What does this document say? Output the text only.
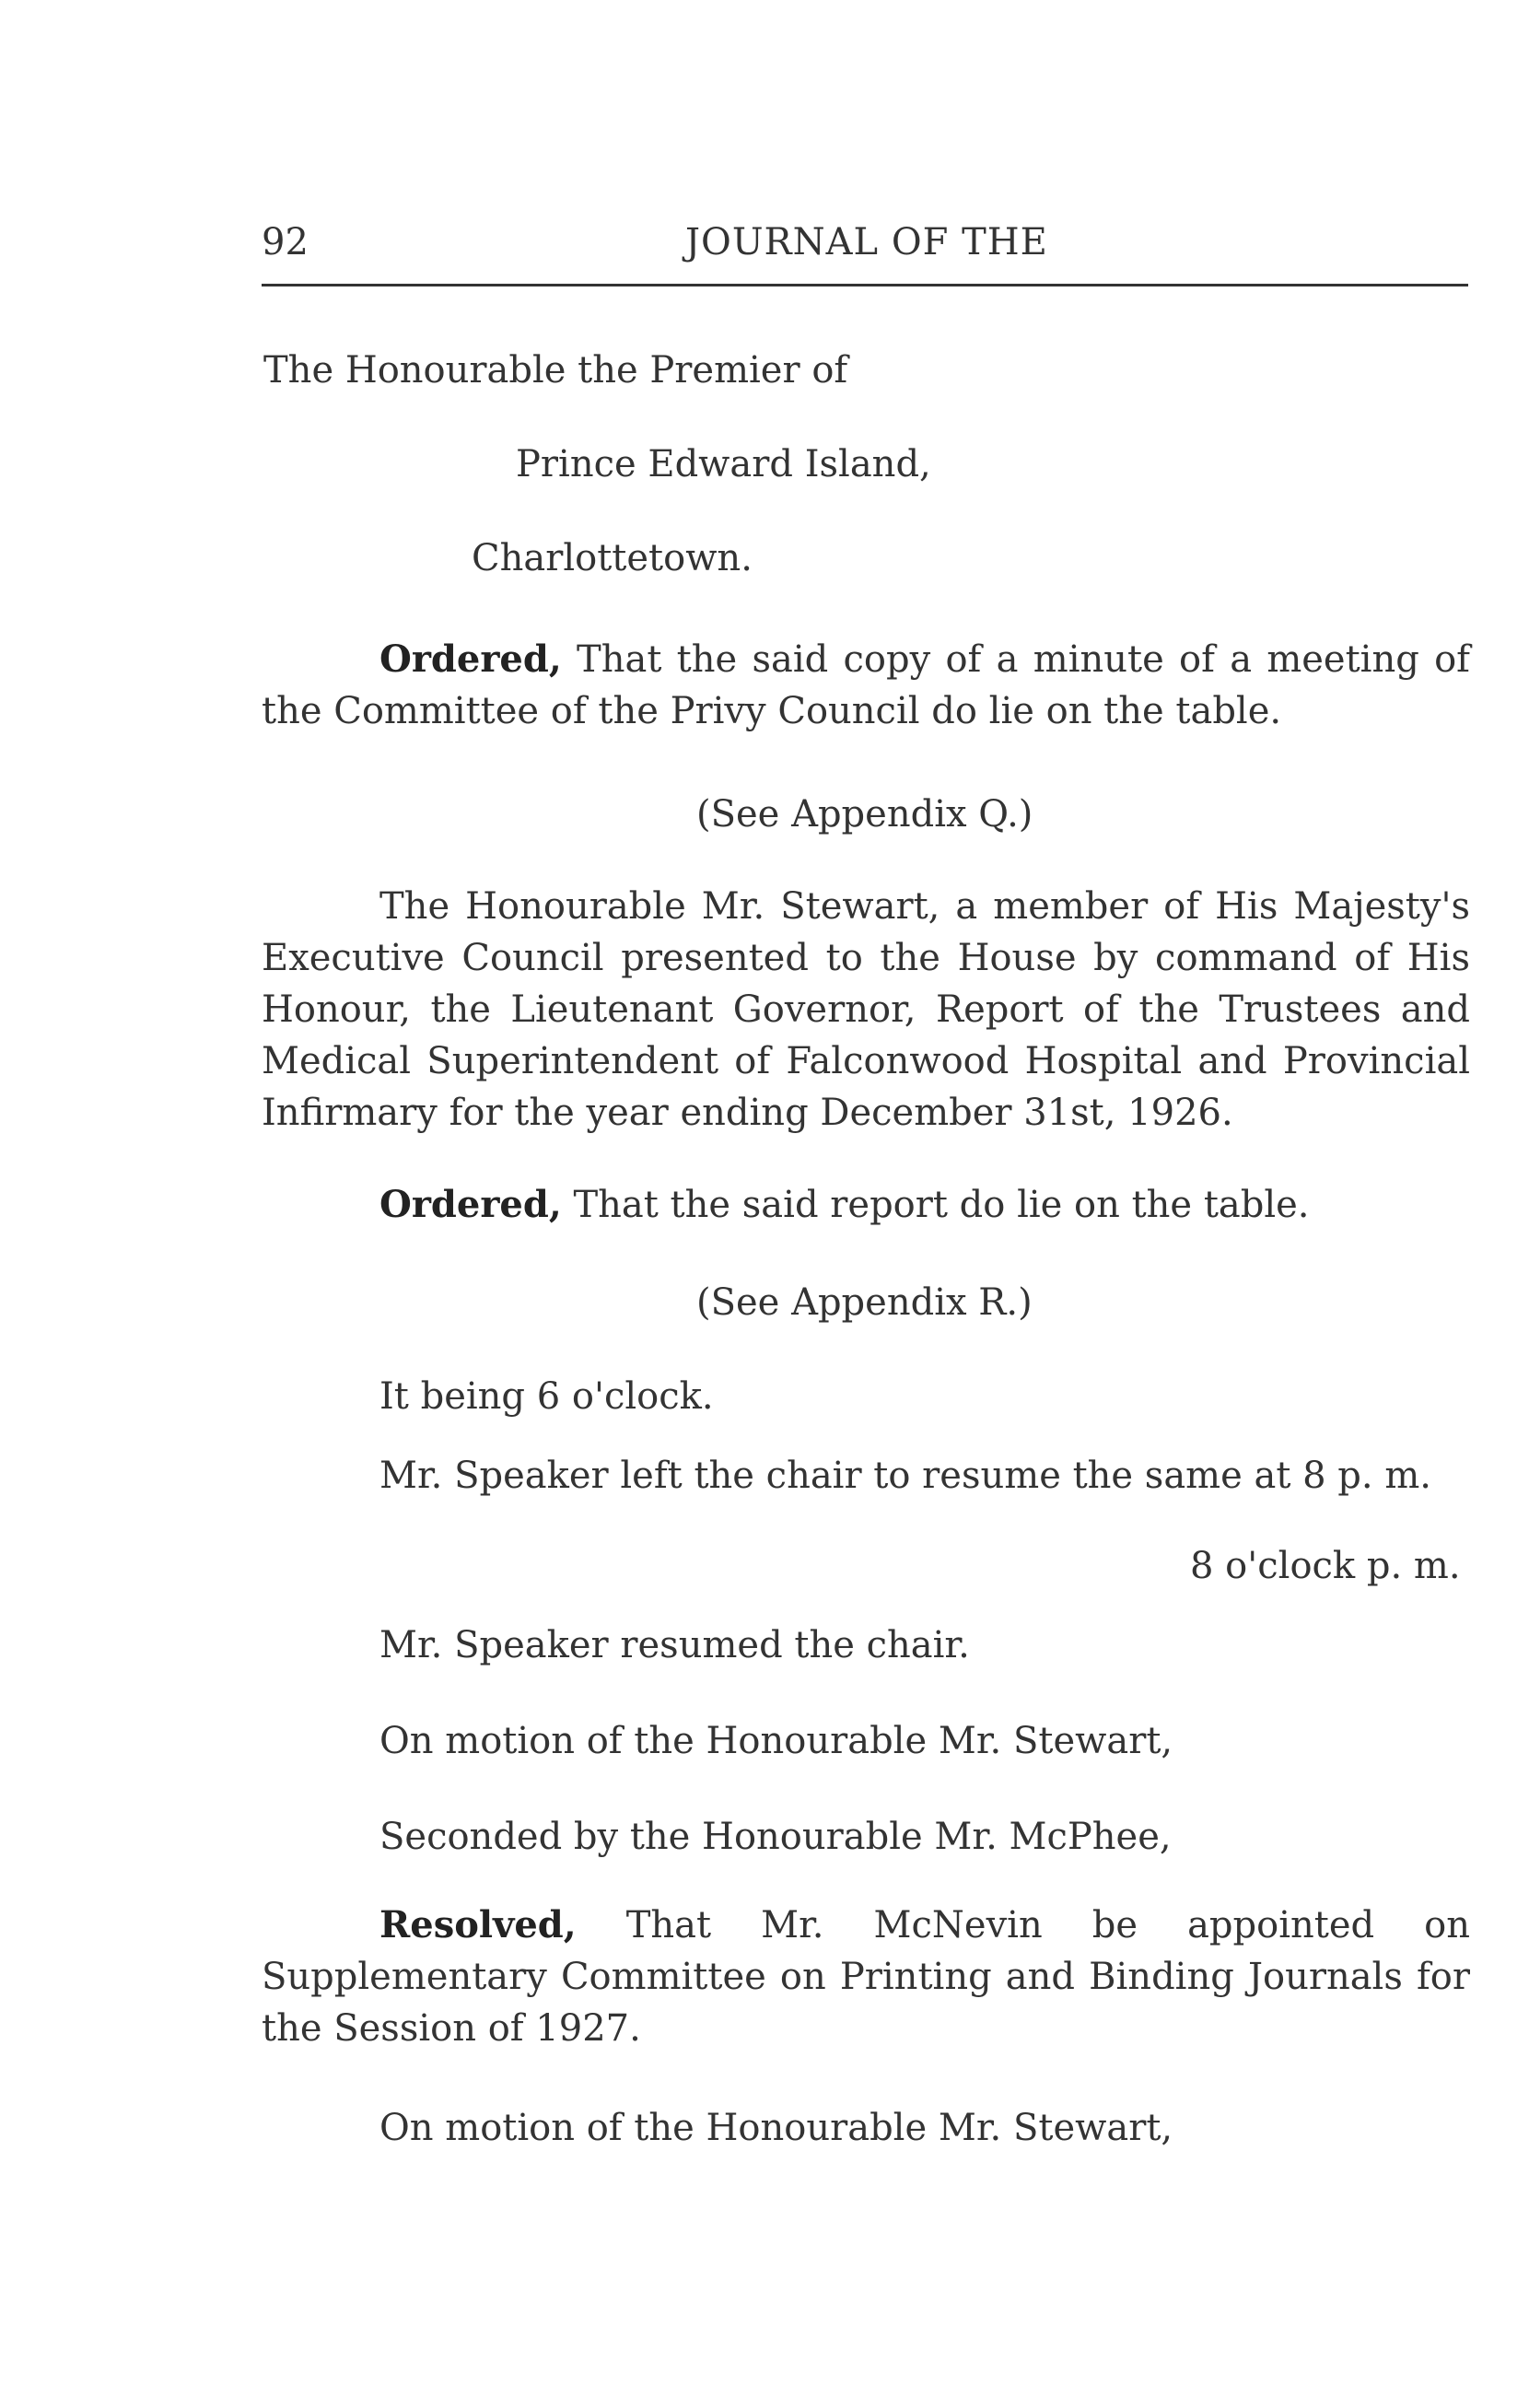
92	JOURNAL OF THE
The Honourable the Premier of
Prince Edward Island,
Charlottetown.
Ordered, That the said copy of a minute of a meeting of the Committee of the Privy Council do lie on the table.
(See Appendix Q.)
The Honourable Mr. Stewart, a member of His Majesty's Executive Council presented to the House by command of His Honour, the Lieutenant Governor, Report of the Trustees and Medical Superintendent of Falconwood Hospital and Provincial Infirmary for the year ending December 31st, 1926.
Ordered, That the said report do lie on the table.
(See Appendix R.)
It being 6 o'clock.
Mr. Speaker left the chair to resume the same at 8 p. m.
8 o'clock p. m.
Mr. Speaker resumed the chair.
On motion of the Honourable Mr. Stewart,
Seconded by the Honourable Mr. McPhee,
Resolved, That Mr. McNevin be appointed on Supplementary Committee on Printing and Binding Journals for the Session of 1927.
On motion of the Honourable Mr. Stewart,
